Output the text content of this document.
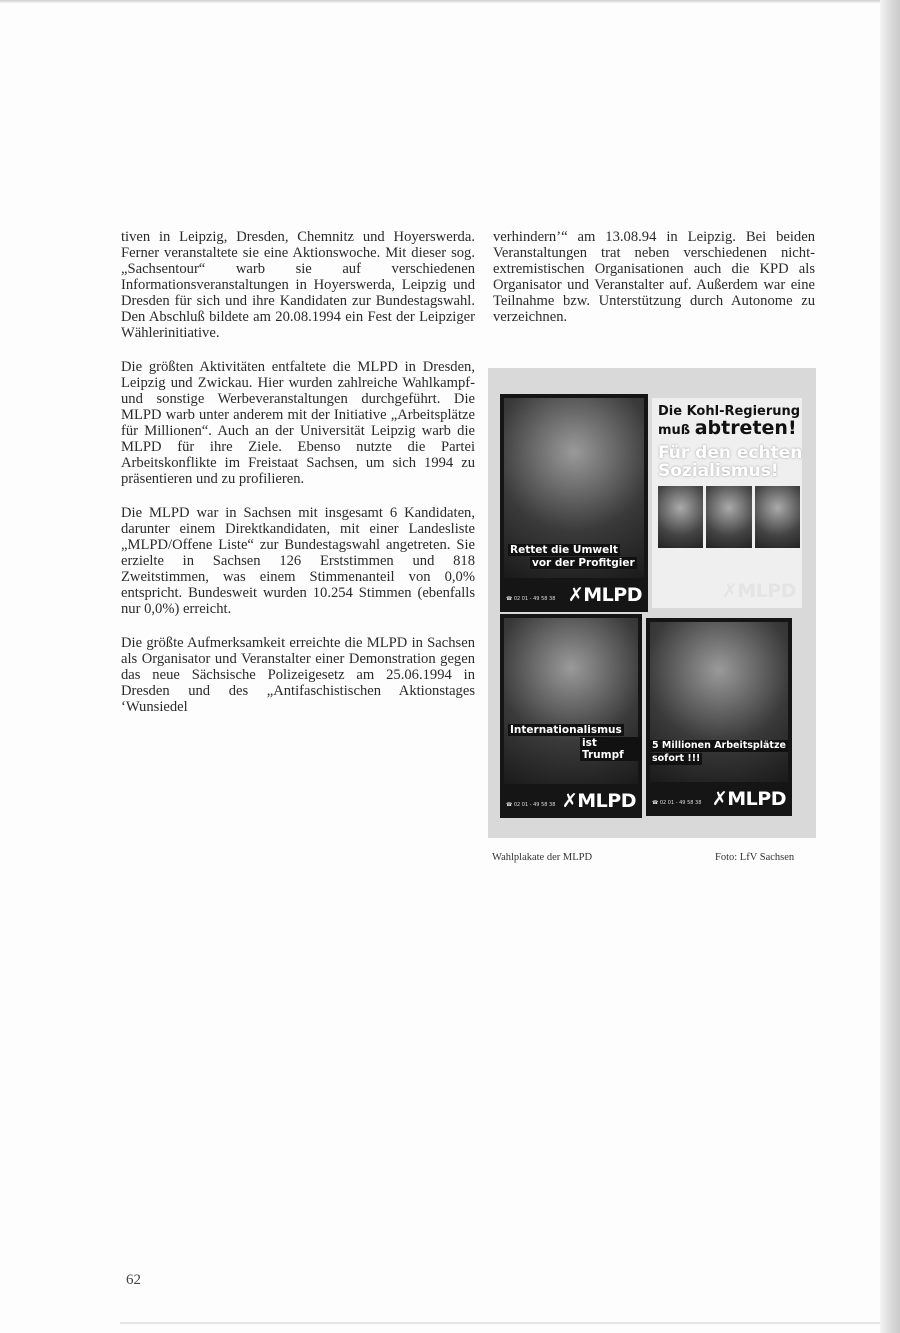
tiven in Leipzig, Dresden, Chemnitz und Hoyerswerda. Ferner veranstaltete sie eine Aktionswoche. Mit dieser sog. „Sachsentour“ warb sie auf verschiedenen Informationsveranstaltungen in Hoyerswerda, Leipzig und Dresden für sich und ihre Kandidaten zur Bundestagswahl. Den Abschluß bildete am 20.08.1994 ein Fest der Leipziger Wählerinitiative.

Die größten Aktivitäten entfaltete die MLPD in Dresden, Leipzig und Zwickau. Hier wurden zahlreiche Wahlkampf- und sonstige Werbeveranstaltungen durchgeführt. Die MLPD warb unter anderem mit der Initiative „Arbeitsplätze für Millionen“. Auch an der Universität Leipzig warb die MLPD für ihre Ziele. Ebenso nutzte die Partei Arbeitskonflikte im Freistaat Sachsen, um sich 1994 zu präsentieren und zu profilieren.

Die MLPD war in Sachsen mit insgesamt 6 Kandidaten, darunter einem Direktkandidaten, mit einer Landesliste „MLPD/Offene Liste“ zur Bundestagswahl angetreten. Sie erzielte in Sachsen 126 Erststimmen und 818 Zweitstimmen, was einem Stimmenanteil von 0,0% entspricht. Bundesweit wurden 10.254 Stimmen (ebenfalls nur 0,0%) erreicht.

Die größte Aufmerksamkeit erreichte die MLPD in Sachsen als Organisator und Veranstalter einer Demonstration gegen das neue Sächsische Polizeigesetz am 25.06.1994 in Dresden und des „Antifaschistischen Aktionstages ‘Wunsiedel

verhindern’“ am 13.08.94 in Leipzig. Bei beiden Veranstaltungen trat neben verschiedenen nicht-extremistischen Organisationen auch die KPD als Organisator und Veranstalter auf. Außerdem war eine Teilnahme bzw. Unterstützung durch Autonome zu verzeichnen.

Rettet die Umwelt
vor der Profitgier
☎ 02 01 - 49 58 38 ✗MLPD
Die Kohl-Regierung
muß abtreten!
Für den echten
Sozialismus!
✗MLPD
Internationalismus
ist Trumpf
☎ 02 01 - 49 58 38 ✗MLPD
5 Millionen Arbeitsplätze
sofort !!!
☎ 02 01 - 49 58 38 ✗MLPD
Wahlplakate der MLPD	Foto: LfV Sachsen
62
